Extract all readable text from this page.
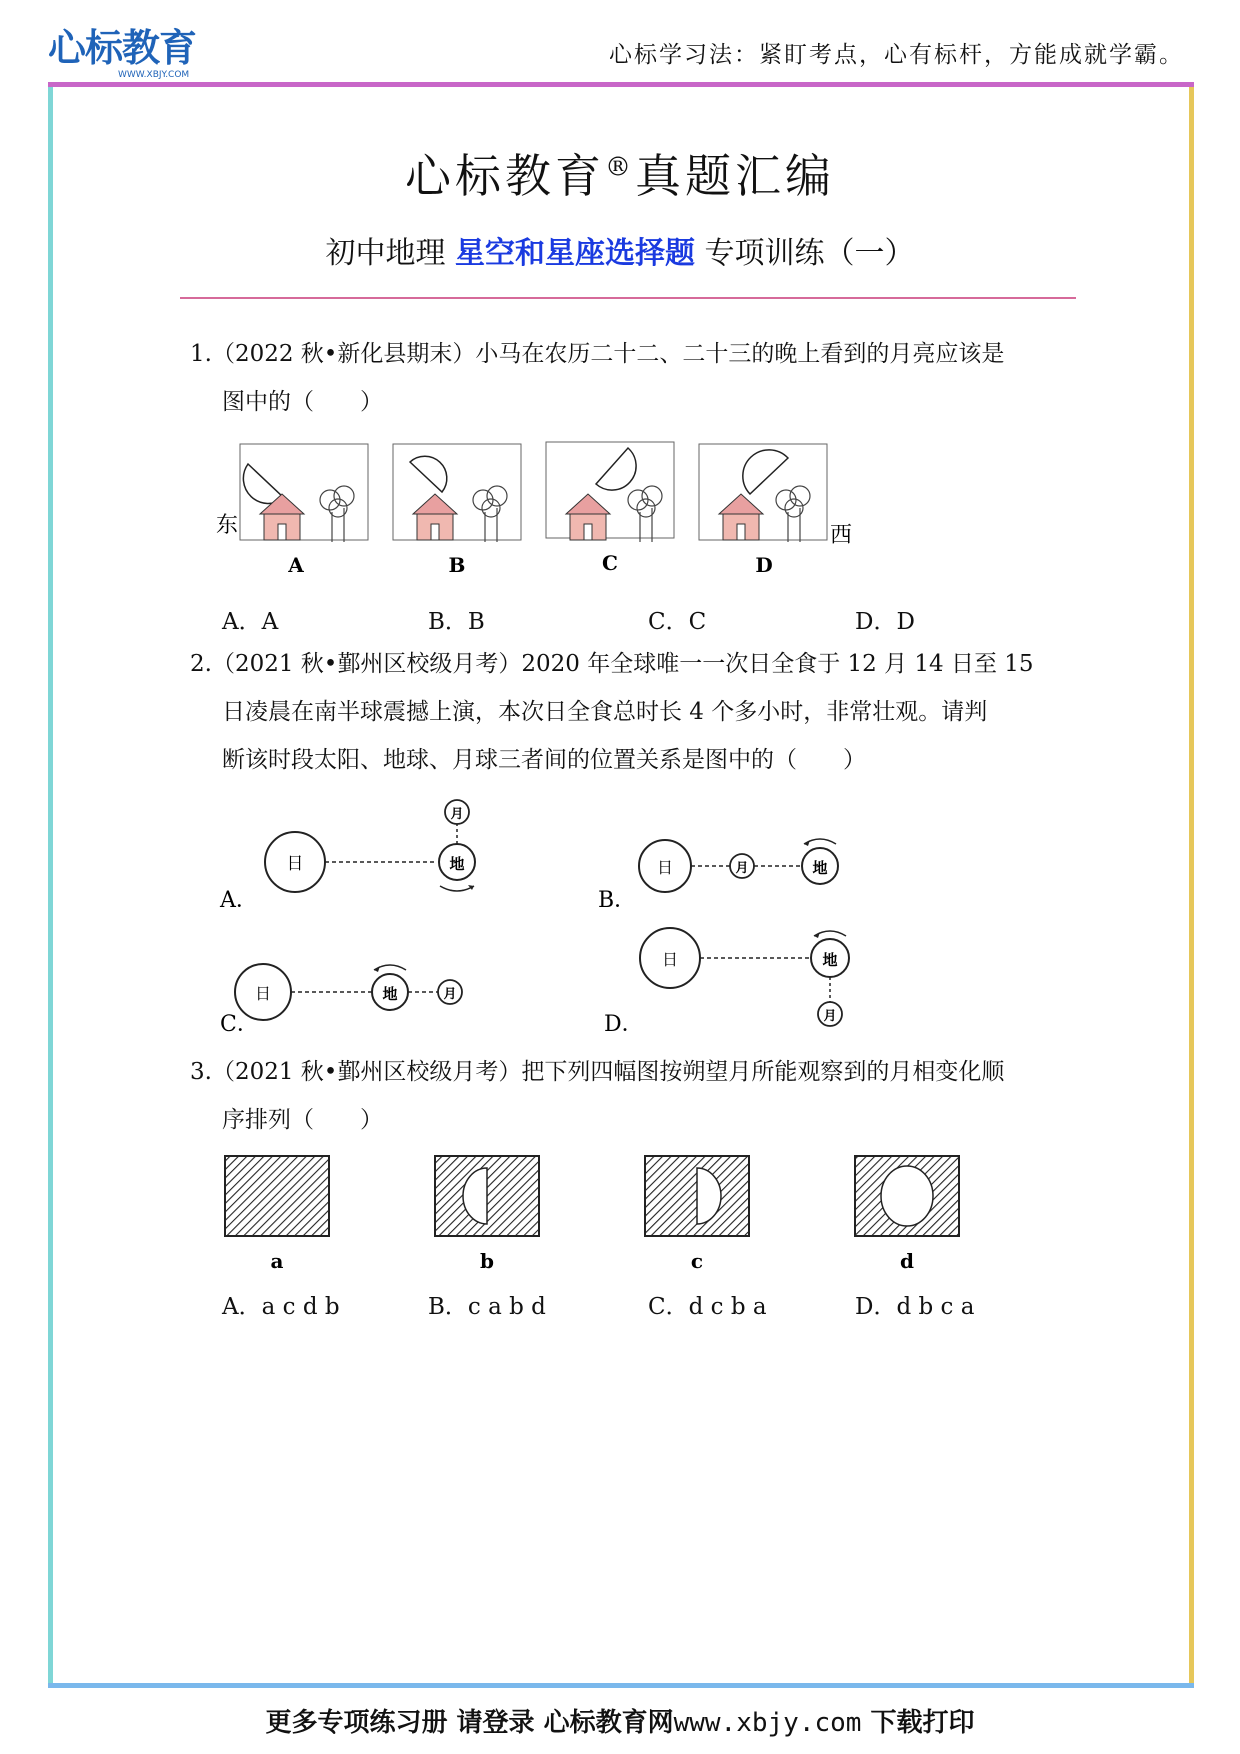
心标教育
WWW.XBJY.COM
心标学习法：紧盯考点，心有标杆，方能成就学霸。
心标教育®真题汇编
初中地理 星空和星座选择题 专项训练（一）
1.（2022 秋•新化县期末）小马在农历二十二、二十三的晚上看到的月亮应该是
图中的（　　）
东	西
A	B	C	D
A．A	B．B	C．C	D．D
2.（2021 秋•鄞州区校级月考）2020 年全球唯一一次日全食于 12 月 14 日至 15
日凌晨在南半球震撼上演，本次日全食总时长 4 个多小时，非常壮观。请判
断该时段太阳、地球、月球三者间的位置关系是图中的（　　）
日	地
月
A．
日	月	地
B．
日	地	月
C．
日	地
月
D．
3.（2021 秋•鄞州区校级月考）把下列四幅图按朔望月所能观察到的月相变化顺
序排列（　　）
a	b	c	d
A．a c d b	B．c a b d	C．d c b a	D．d b c a
更多专项练习册 请登录 心标教育网www.xbjy.com 下载打印
